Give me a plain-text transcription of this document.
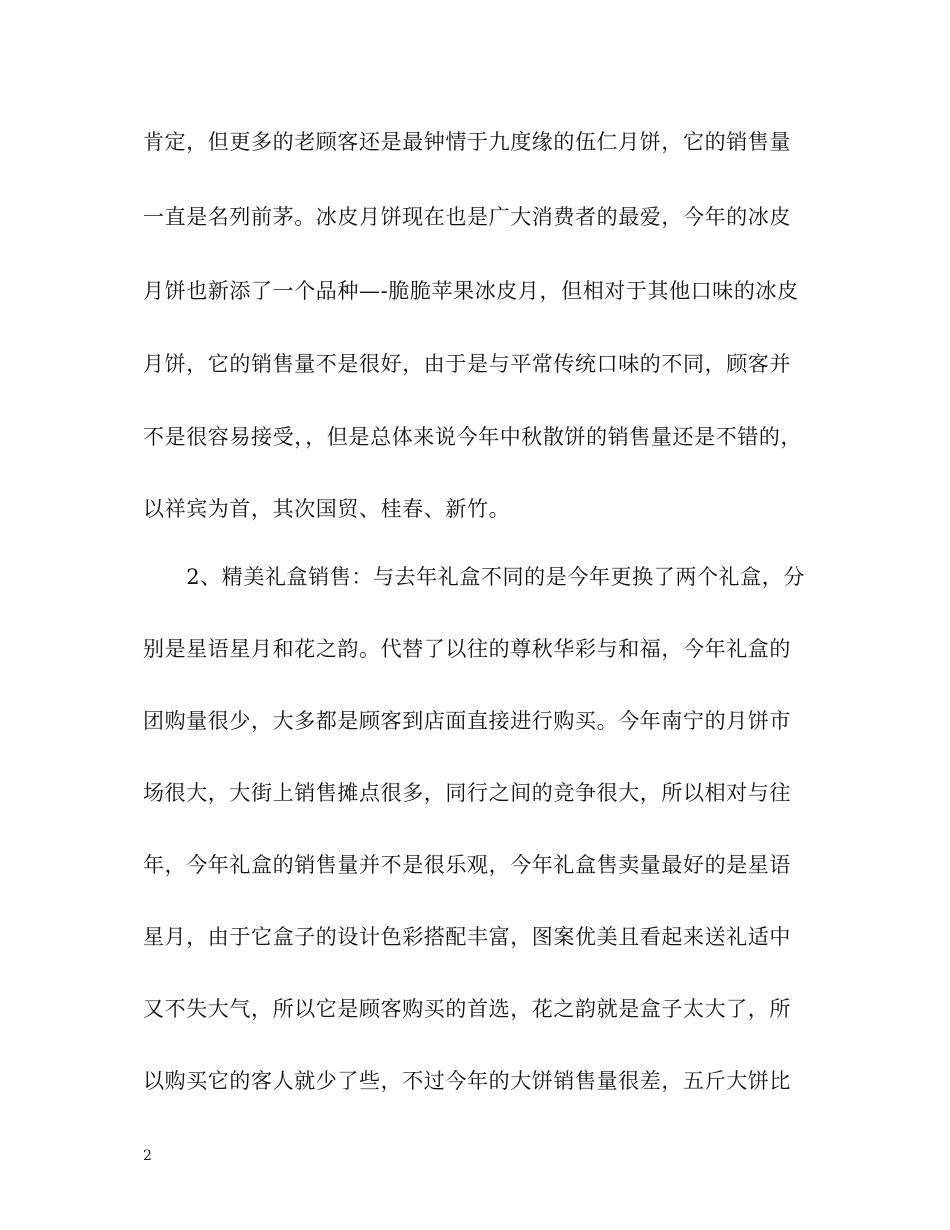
肯定，但更多的老顾客还是最钟情于九度缘的伍仁月饼，它的销售量
一直是名列前茅。冰皮月饼现在也是广大消费者的最爱，今年的冰皮
月饼也新添了一个品种—-脆脆苹果冰皮月，但相对于其他口味的冰皮
月饼，它的销售量不是很好，由于是与平常传统口味的不同，顾客并
不是很容易接受，，但是总体来说今年中秋散饼的销售量还是不错的，
以祥宾为首，其次国贸、桂春、新竹。
　　2、精美礼盒销售：与去年礼盒不同的是今年更换了两个礼盒，分
别是星语星月和花之韵。代替了以往的尊秋华彩与和福，今年礼盒的
团购量很少，大多都是顾客到店面直接进行购买。今年南宁的月饼市
场很大，大街上销售摊点很多，同行之间的竞争很大，所以相对与往
年，今年礼盒的销售量并不是很乐观，今年礼盒售卖量最好的是星语
星月，由于它盒子的设计色彩搭配丰富，图案优美且看起来送礼适中
又不失大气，所以它是顾客购买的首选，花之韵就是盒子太大了，所
以购买它的客人就少了些，不过今年的大饼销售量很差，五斤大饼比
2
